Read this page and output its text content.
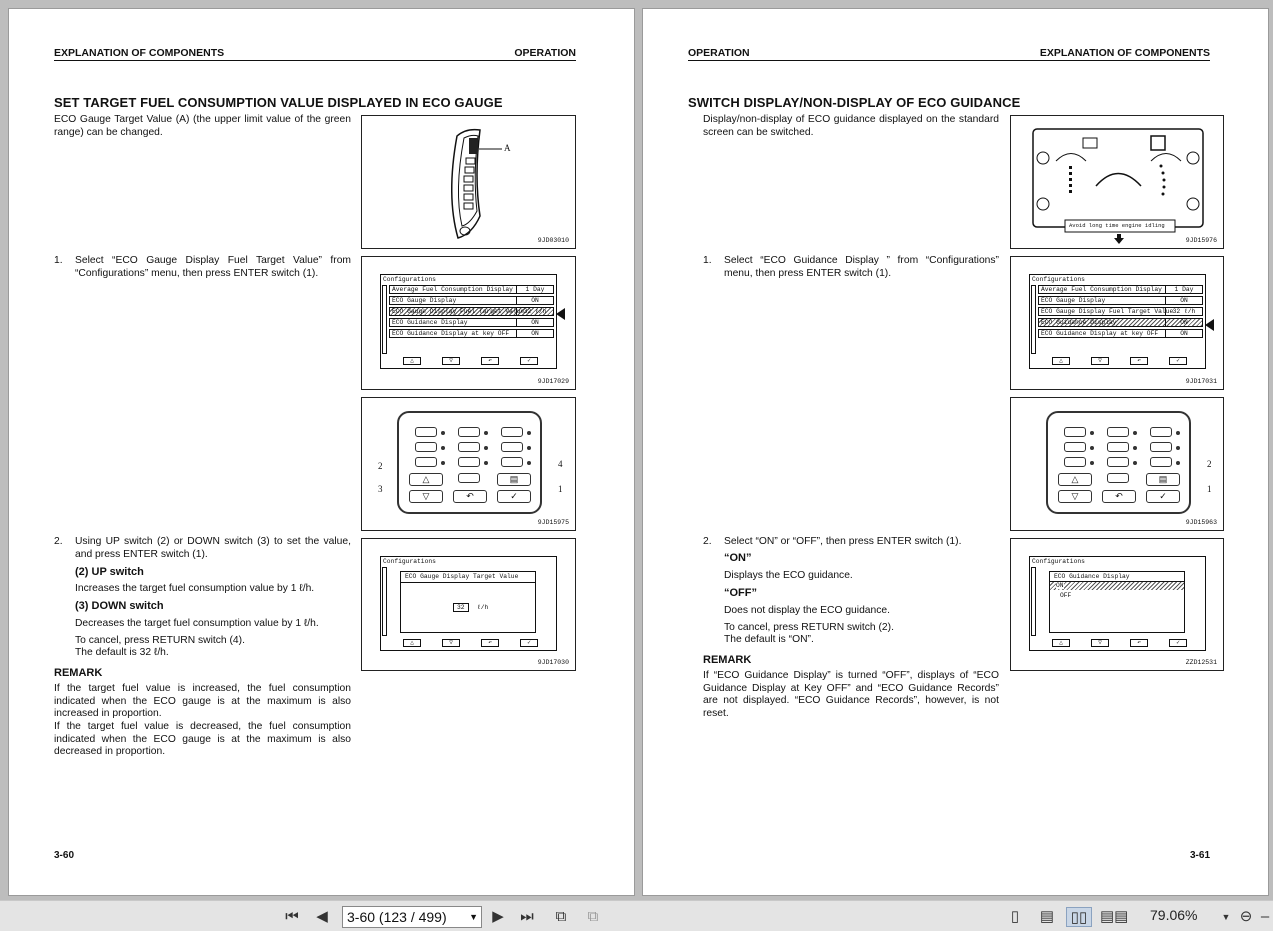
EXPLANATION OF COMPONENTS	OPERATION
SET TARGET FUEL CONSUMPTION VALUE DISPLAYED IN ECO GAUGE
ECO Gauge Target Value (A) (the upper limit value of the green range) can be changed.
A
9JD03010
1. Select “ECO Gauge Display Fuel Target Value” from “Configurations” menu, then press ENTER switch (1).
Configurations
Average Fuel Consumption Display	1 Day
ECO Gauge Display	ON
ECO Gauge Display Fuel Target Value 32 ℓ/h
ECO Guidance Display	ON
ECO Guidance Display at key OFF	ON
△	▽	↶	✓
9JD17029
△	▤
▽	↶	✓
2
3
4
1
9JD15975
2. Using UP switch (2) or DOWN switch (3) to set the value, and press ENTER switch (1).
(2) UP switch
Increases the target fuel consumption value by 1 ℓ/h.
(3) DOWN switch
Decreases the target fuel consumption value by 1 ℓ/h.
To cancel, press RETURN switch (4).
The default is 32 ℓ/h.
Configurations
ECO Gauge Display Target Value
32	ℓ/h
△	▽	↶	✓
9JD17030
REMARK
If the target fuel value is increased, the fuel consumption indicated when the ECO gauge is at the maximum is also increased in proportion.
If the target fuel value is decreased, the fuel consumption indicated when the ECO gauge is at the maximum is also decreased in proportion.
3-60
OPERATION	EXPLANATION OF COMPONENTS
SWITCH DISPLAY/NON-DISPLAY OF ECO GUIDANCE
Display/non-display of ECO guidance displayed on the standard screen can be switched.
Avoid long time engine idling
9JD15976
1. Select “ECO Guidance Display ” from “Configurations” menu, then press ENTER switch (1).
Configurations
Average Fuel Consumption Display	1 Day
ECO Gauge Display	ON
ECO Gauge Display Fuel Target Value 32 ℓ/h
ECO Guidance Display	ON
ECO Guidance Display at key OFF	ON
△	▽	↶	✓
9JD17031
△	▤
▽	↶	✓
2
1
9JD15963
2. Select “ON” or “OFF”, then press ENTER switch (1).
“ON”
Displays the ECO guidance.
“OFF”
Does not display the ECO guidance.
To cancel, press RETURN switch (2).
The default is “ON”.
Configurations
ECO Guidance Display
ON
OFF
△	▽	↶	✓
ZZD12531
REMARK
If “ECO Guidance Display” is turned “OFF”, displays of “ECO Guidance Display at Key OFF” and “ECO Guidance Records” are not displayed. “ECO Guidance Records”, however, is not reset.
3-61
⏮ ◀	3-60 (123 / 499) ▼ ▶ ⏭	⧉	⧉	▯	▤	▯▯ ▤▤ 79.06%	▼ ⊖ –
